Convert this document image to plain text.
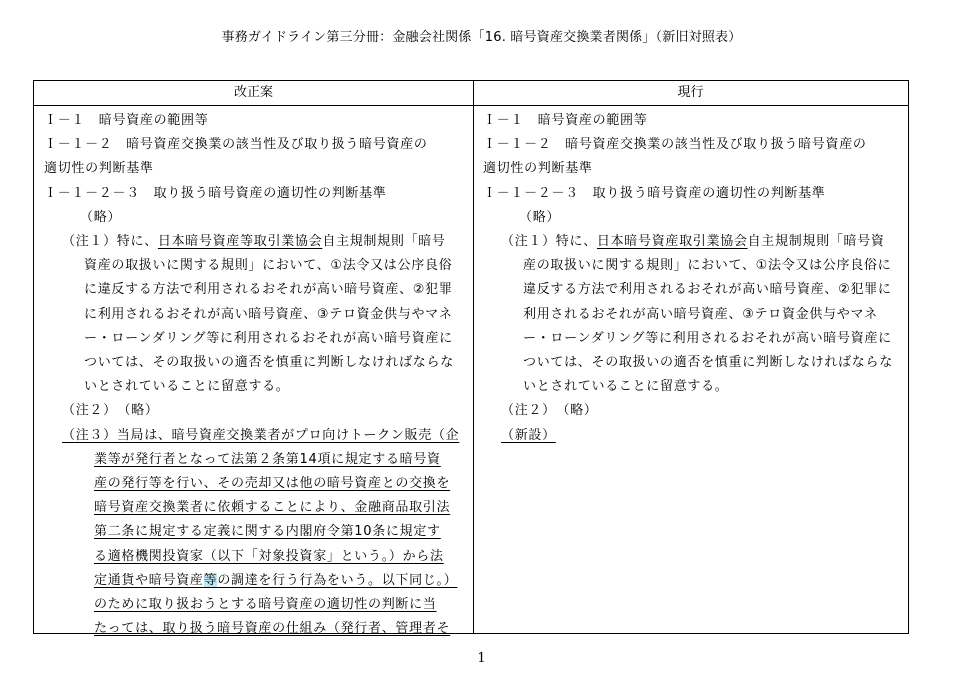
事務ガイドライン第三分冊：金融会社関係「16. 暗号資産交換業者関係」（新旧対照表）
改正案
Ｉ－１　暗号資産の範囲等
Ｉ－１－２　暗号資産交換業の該当性及び取り扱う暗号資産の
適切性の判断基準
Ｉ－１－２－３　取り扱う暗号資産の適切性の判断基準
（略）
（注１）特に、日本暗号資産等取引業協会自主規制規則「暗号
資産の取扱いに関する規則」において、①法令又は公序良俗
に違反する方法で利用されるおそれが高い暗号資産、②犯罪
に利用されるおそれが高い暗号資産、③テロ資金供与やマネ
ー・ローンダリング等に利用されるおそれが高い暗号資産に
ついては、その取扱いの適否を慎重に判断しなければならな
いとされていることに留意する。
（注２）　（略）
（注３）当局は、暗号資産交換業者がプロ向けトークン販売（企
業等が発行者となって法第２条第14項に規定する暗号資
産の発行等を行い、その売却又は他の暗号資産との交換を
暗号資産交換業者に依頼することにより、金融商品取引法
第二条に規定する定義に関する内閣府令第10条に規定す
る適格機関投資家（以下「対象投資家」という。）から法
定通貨や暗号資産等の調達を行う行為をいう。以下同じ。）
のために取り扱おうとする暗号資産の適切性の判断に当
たっては、取り扱う暗号資産の仕組み（発行者、管理者そ
現行
Ｉ－１　暗号資産の範囲等
Ｉ－１－２　暗号資産交換業の該当性及び取り扱う暗号資産の
適切性の判断基準
Ｉ－１－２－３　取り扱う暗号資産の適切性の判断基準
（略）
（注１）特に、日本暗号資産取引業協会自主規制規則「暗号資
産の取扱いに関する規則」において、①法令又は公序良俗に
違反する方法で利用されるおそれが高い暗号資産、②犯罪に
利用されるおそれが高い暗号資産、③テロ資金供与やマネ
ー・ローンダリング等に利用されるおそれが高い暗号資産に
ついては、その取扱いの適否を慎重に判断しなければならな
いとされていることに留意する。
（注２）　（略）
（新設）
1
